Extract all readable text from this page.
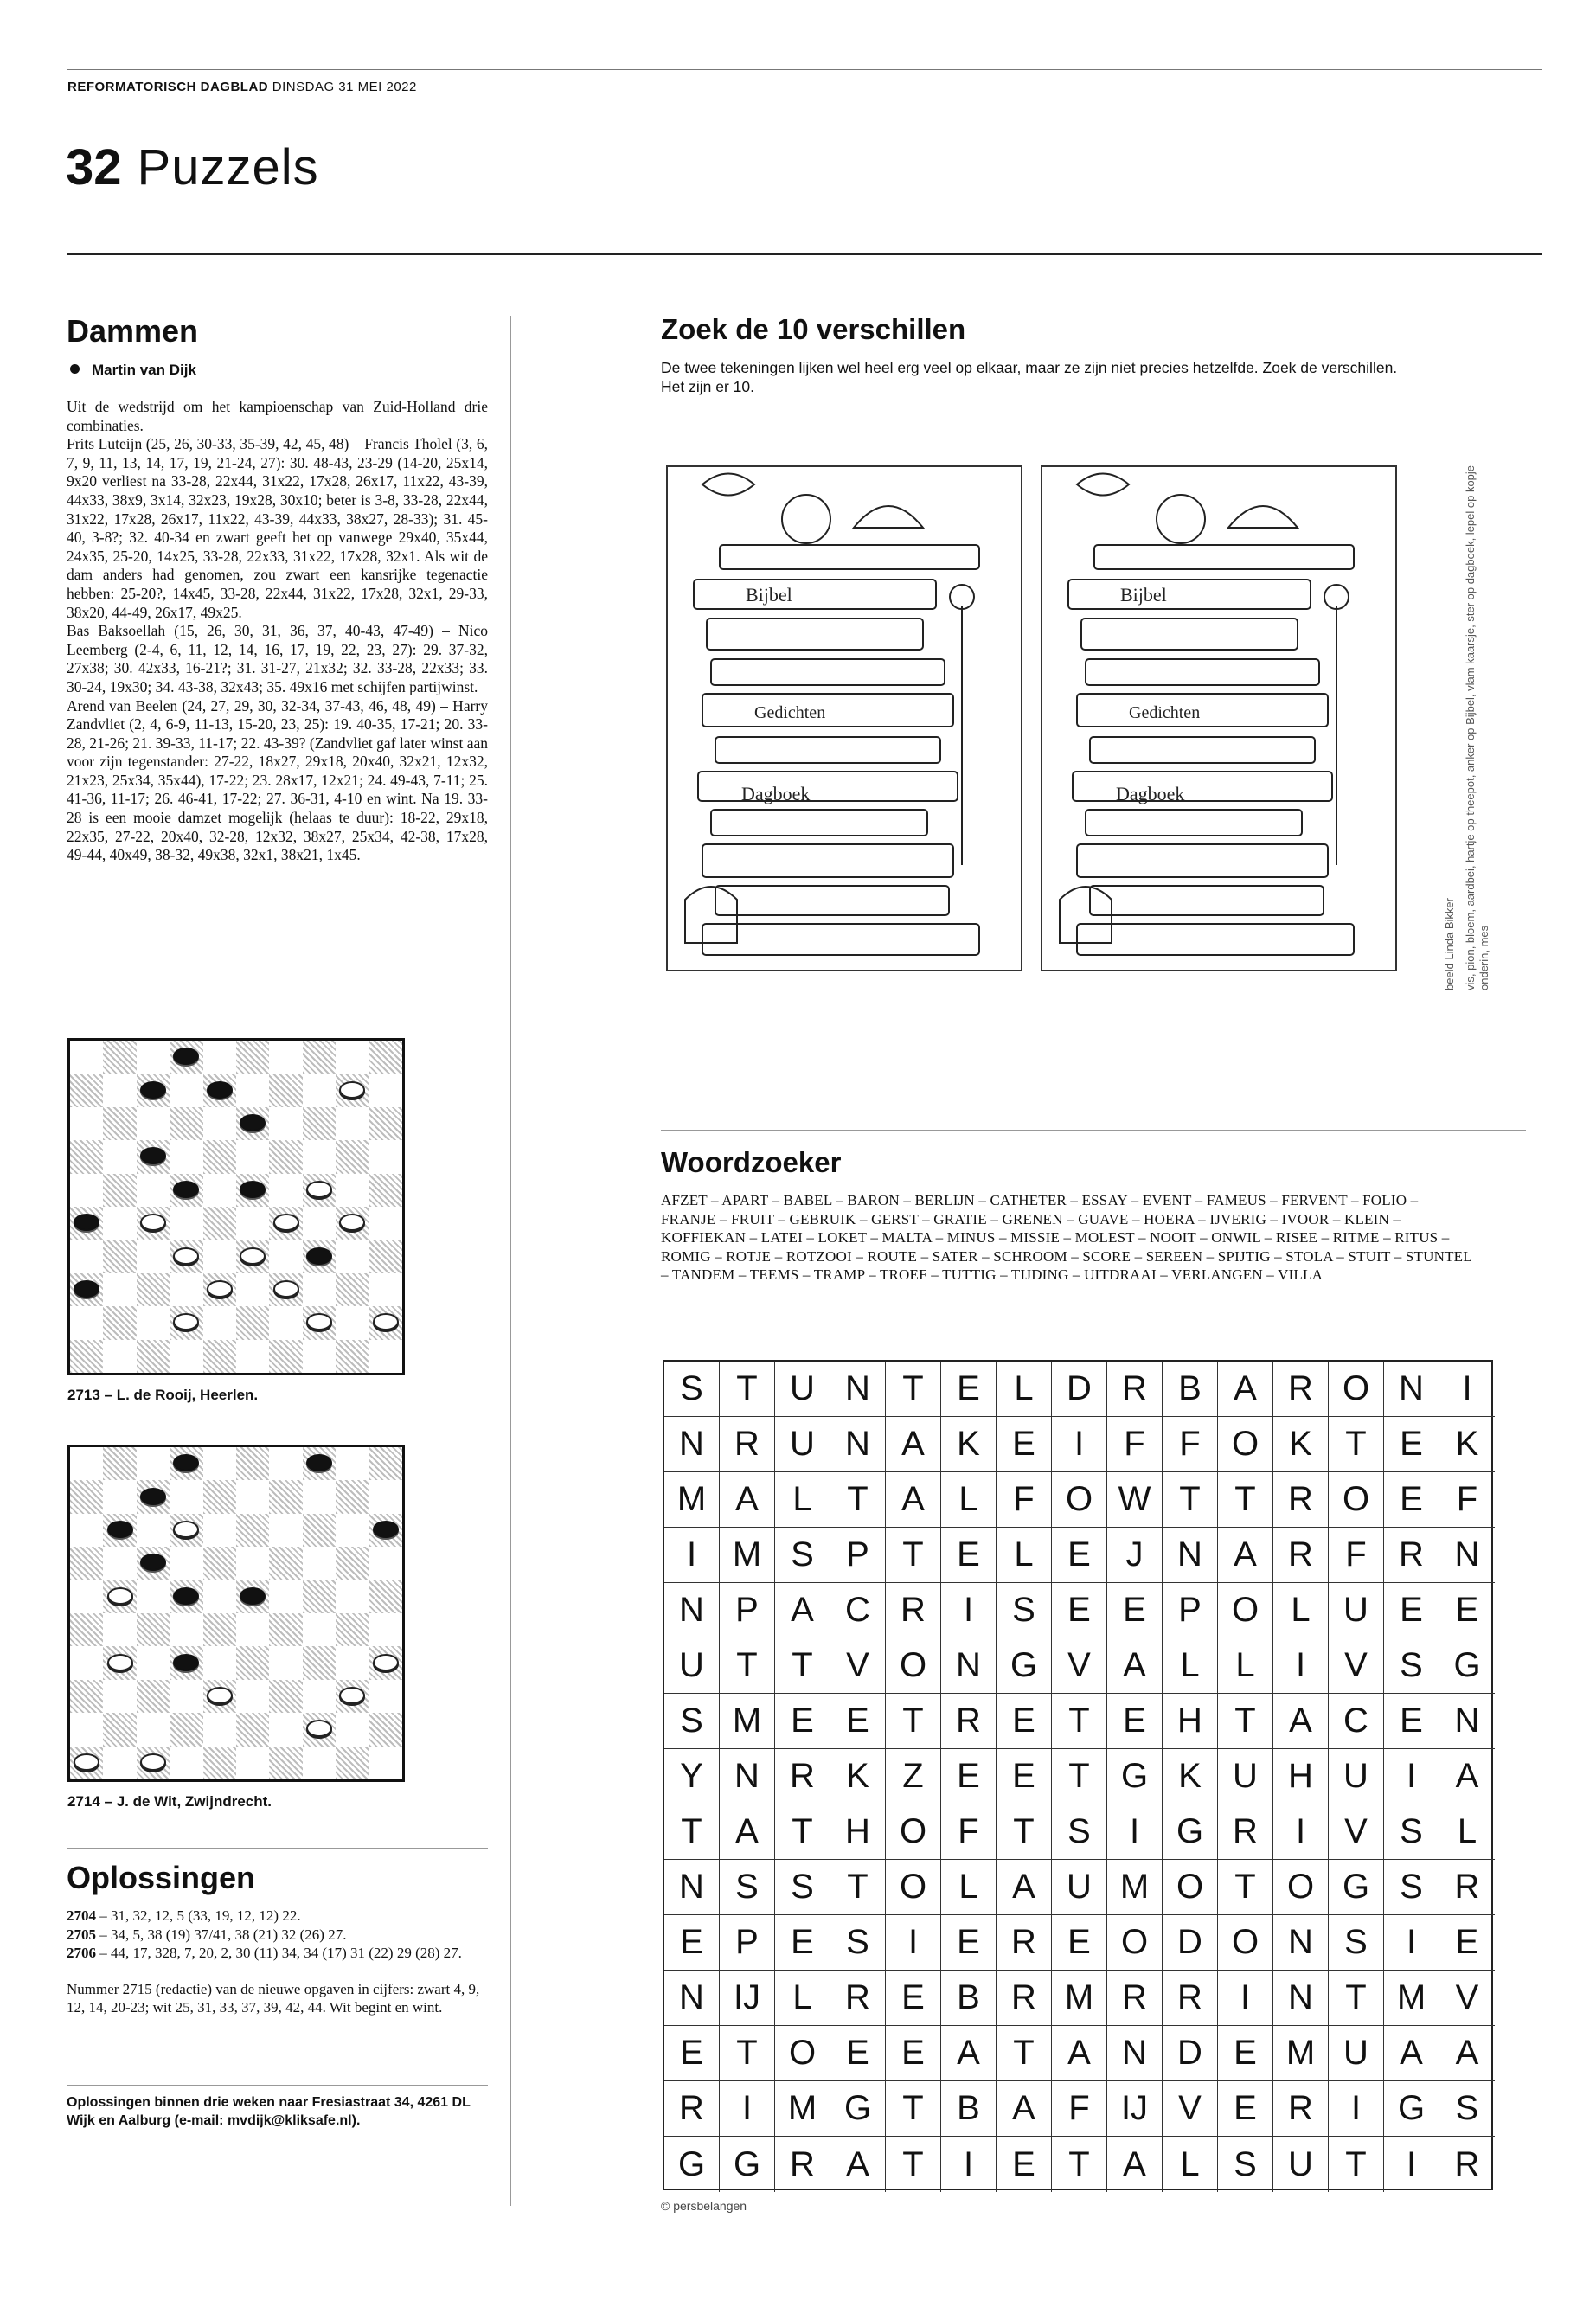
REFORMATORISCH DAGBLAD DINSDAG 31 MEI 2022
32 Puzzels
Dammen
Martin van Dijk

Uit de wedstrijd om het kampioenschap van Zuid-Holland drie combinaties.

Frits Luteijn (25, 26, 30-33, 35-39, 42, 45, 48) – Francis Tholel (3, 6, 7, 9, 11, 13, 14, 17, 19, 21-24, 27): 30. 48-43, 23-29 (14-20, 25x14, 9x20 verliest na 33-28, 22x44, 31x22, 17x28, 26x17, 11x22, 43-39, 44x33, 38x9, 3x14, 32x23, 19x28, 30x10; beter is 3-8, 33-28, 22x44, 31x22, 17x28, 26x17, 11x22, 43-39, 44x33, 38x27, 28-33); 31. 45-40, 3-8?; 32. 40-34 en zwart geeft het op vanwege 29x40, 35x44, 24x35, 25-20, 14x25, 33-28, 22x33, 31x22, 17x28, 32x1. Als wit de dam anders had genomen, zou zwart een kansrijke tegenactie hebben: 25-20?, 14x45, 33-28, 22x44, 31x22, 17x28, 32x1, 29-33, 38x20, 44-49, 26x17, 49x25.

Bas Baksoellah (15, 26, 30, 31, 36, 37, 40-43, 47-49) – Nico Leemberg (2-4, 6, 11, 12, 14, 16, 17, 19, 22, 23, 27): 29. 37-32, 27x38; 30. 42x33, 16-21?; 31. 31-27, 21x32; 32. 33-28, 22x33; 33. 30-24, 19x30; 34. 43-38, 32x43; 35. 49x16 met schijfen partijwinst.

Arend van Beelen (24, 27, 29, 30, 32-34, 37-43, 46, 48, 49) – Harry Zandvliet (2, 4, 6-9, 11-13, 15-20, 23, 25): 19. 40-35, 17-21; 20. 33-28, 21-26; 21. 39-33, 11-17; 22. 43-39? (Zandvliet gaf later winst aan voor zijn tegenstander: 27-22, 18x27, 29x18, 20x40, 32x21, 12x32, 21x23, 25x34, 35x44), 17-22; 23. 28x17, 12x21; 24. 49-43, 7-11; 25. 41-36, 11-17; 26. 46-41, 17-22; 27. 36-31, 4-10 en wint. Na 19. 33-28 is een mooie damzet mogelijk (helaas te duur): 18-22, 29x18, 22x35, 27-22, 20x40, 32-28, 12x32, 38x27, 25x34, 42-38, 17x28, 49-44, 40x49, 38-32, 49x38, 32x1, 38x21, 1x45.

2713 – L. de Rooij, Heerlen.
2714 – J. de Wit, Zwijndrecht.
Oplossingen
2704 – 31, 32, 12, 5 (33, 19, 12, 12) 22.
2705 – 34, 5, 38 (19) 37/41, 38 (21) 32 (26) 27.
2706 – 44, 17, 328, 7, 20, 2, 30 (11) 34, 34 (17) 31 (22) 29 (28) 27.
Nummer 2715 (redactie) van de nieuwe opgaven in cijfers: zwart 4, 9, 12, 14, 20-23; wit 25, 31, 33, 37, 39, 42, 44. Wit begint en wint.
Oplossingen binnen drie weken naar Fresiastraat 34, 4261 DL Wijk en Aalburg (e-mail: mvdijk@kliksafe.nl).
Zoek de 10 verschillen
De twee tekeningen lijken wel heel erg veel op elkaar, maar ze zijn niet precies hetzelfde. Zoek de verschillen. Het zijn er 10.
Bijbel
Gedichten
Dagboek
Bijbel
Gedichten
Dagboek
beeld Linda Bikker vis, pion, bloem, aardbei, hartje op theepot, anker op Bijbel, vlam kaarsje, ster op dagboek, lepel op kopje onderin, mes
Woordzoeker
AFZET – APART – BABEL – BARON – BERLIJN – CATHETER – ESSAY – EVENT – FAMEUS – FERVENT – FOLIO – FRANJE – FRUIT – GEBRUIK – GERST – GRATIE – GRENEN – GUAVE – HOERA – IJVERIG – IVOOR – KLEIN – KOFFIEKAN – LATEI – LOKET – MALTA – MINUS – MISSIE – MOLEST – NOOIT – ONWIL – RISEE – RITME – RITUS – ROMIG – ROTJE – ROTZOOI – ROUTE – SATER – SCHROOM – SCORE – SEREEN – SPIJTIG – STOLA – STUIT – STUNTEL – TANDEM – TEEMS – TRAMP – TROEF – TUTTIG – TIJDING – UITDRAAI – VERLANGEN – VILLA
S T U N T E L D R B A R O N	I
N R U N A K E	I	F F O K T E K
M A L	T A L	F O W T T R O E F
I	M S P T E L E	J N A R F R N
N P A C R	I	S E E P O L U E E
U T T V O N G V A L	L	I	V S G
S M E E T R E T E H T A C E N
Y N R K Z E E T G K U H U	I	A
T A T H O F T S	I	G R	I	V S	L
N S S T O L A U M O T O G S R
E P E S	I	E R E O D O N S	I	E
N IJ L R E B R M R R	I	N T M V
E T O E E A T A N D E M U A A
R	I	M G T B A F IJ V E R	I	G S
G G R A T	I	E T A L S U T	I	R
© persbelangen
